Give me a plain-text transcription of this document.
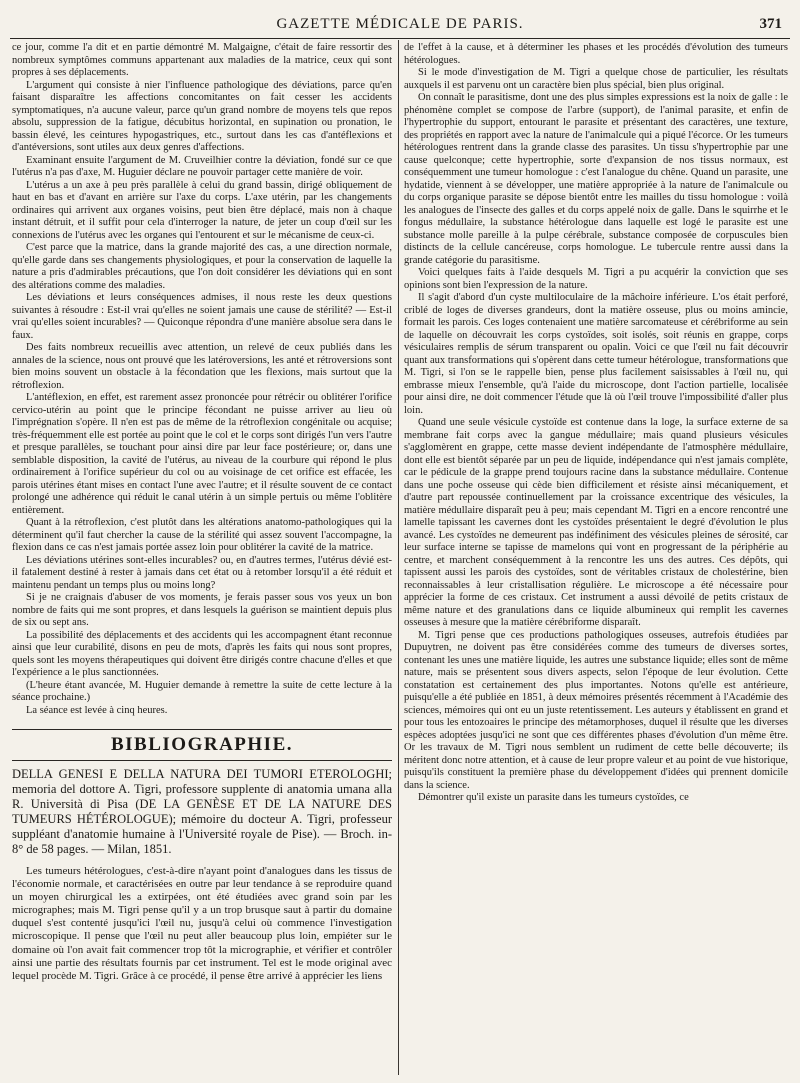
GAZETTE MÉDICALE DE PARIS.	371

ce jour, comme l'a dit et en partie démontré M. Malgaigne, c'était de faire ressortir des nombreux symptômes communs appartenant aux maladies de la matrice, ceux qui sont propres à ses déplacements.

L'argument qui consiste à nier l'influence pathologique des déviations, parce qu'en faisant disparaître les affections concomitantes on fait cesser les accidents symptomatiques, n'a aucune valeur, parce qu'un grand nombre de moyens tels que repos absolu, suppression de la fatigue, décubitus horizontal, en supination ou pronation, le bassin élevé, les ceintures hypogastriques, etc., surtout dans les cas d'antéflexions et d'antéversions, sont utiles aux deux genres d'affections.

Examinant ensuite l'argument de M. Cruveilhier contre la déviation, fondé sur ce que l'utérus n'a pas d'axe, M. Huguier déclare ne pouvoir partager cette manière de voir.

L'utérus a un axe à peu près parallèle à celui du grand bassin, dirigé obliquement de haut en bas et d'avant en arrière sur l'axe du corps. L'axe utérin, par les changements ordinaires qui arrivent aux organes voisins, peut bien être déplacé, mais non à chaque instant détruit, et il suffit pour cela d'interroger la nature, de jeter un coup d'œil sur les connexions de l'utérus avec les organes qui l'entourent et sur le mécanisme de ceux-ci.

C'est parce que la matrice, dans la grande majorité des cas, a une direction normale, qu'elle garde dans ses changements physiologiques, et pour la conservation de laquelle la nature a pris d'admirables précautions, que l'on doit considérer les déviations qui en sont des altérations comme des maladies.

Les déviations et leurs conséquences admises, il nous reste les deux questions suivantes à résoudre : Est-il vrai qu'elles ne soient jamais une cause de stérilité? — Est-il vrai qu'elles soient incurables? — Quiconque répondra d'une manière absolue sera dans le faux.

Des faits nombreux recueillis avec attention, un relevé de ceux publiés dans les annales de la science, nous ont prouvé que les latéroversions, les anté et rétroversions sont bien moins souvent un obstacle à la fécondation que les flexions, mais surtout que la rétroflexion.

L'antéflexion, en effet, est rarement assez prononcée pour rétrécir ou oblitérer l'orifice cervico-utérin au point que le principe fécondant ne puisse arriver au lieu où l'imprégnation s'opère. Il n'en est pas de même de la rétroflexion congénitale ou acquise; très-fréquemment elle est portée au point que le col et le corps sont dirigés l'un vers l'autre et presque parallèles, se touchant pour ainsi dire par leur face postérieure; or, dans une semblable disposition, la cavité de l'utérus, au niveau de la courbure qui répond le plus ordinairement à l'orifice supérieur du col ou au voisinage de cet orifice est effacée, les parois utérines étant mises en contact l'une avec l'autre; et il résulte souvent de ce contact prolongé une adhérence qui réduit le canal utérin à un simple pertuis ou même l'oblitère entièrement.

Quant à la rétroflexion, c'est plutôt dans les altérations anatomo-pathologiques qui la déterminent qu'il faut chercher la cause de la stérilité qui assez souvent l'accompagne, la flexion dans ce cas n'est jamais portée assez loin pour oblitérer la cavité de la matrice.

Les déviations utérines sont-elles incurables? ou, en d'autres termes, l'utérus dévié est-il fatalement destiné à rester à jamais dans cet état ou à retomber lorsqu'il a été réduit et maintenu pendant un temps plus ou moins long?

Si je ne craignais d'abuser de vos moments, je ferais passer sous vos yeux un bon nombre de faits qui me sont propres, et dans lesquels la guérison se maintient depuis plus de six ou sept ans.

La possibilité des déplacements et des accidents qui les accompagnent étant reconnue ainsi que leur curabilité, disons en peu de mots, d'après les faits qui nous sont propres, quels sont les moyens thérapeutiques qui doivent être dirigés contre chacune d'elles et que l'expérience a le plus sanctionnées.

(L'heure étant avancée, M. Huguier demande à remettre la suite de cette lecture à la séance prochaine.)

La séance est levée à cinq heures.

BIBLIOGRAPHIE.

DELLA GENESI E DELLA NATURA DEI TUMORI ETEROLOGHI; memoria del dottore A. Tigri, professore supplente di anatomia umana alla R. Università di Pisa (DE LA GENÈSE ET DE LA NATURE DES TUMEURS HÉTÉROLOGUE); mémoire du docteur A. Tigri, professeur suppléant d'anatomie humaine à l'Université royale de Pise). — Broch. in-8° de 58 pages. — Milan, 1851.

Les tumeurs hétérologues, c'est-à-dire n'ayant point d'analogues dans les tissus de l'économie normale, et caractérisées en outre par leur tendance à se reproduire quand un moyen chirurgical les a extirpées, ont été étudiées avec grand soin par les micrographes; mais M. Tigri pense qu'il y a un trop brusque saut à partir du domaine duquel s'est contenté jusqu'ici l'œil nu, jusqu'à celui où commence l'investigation microscopique. Il pense que l'œil nu peut aller beaucoup plus loin, empiéter sur le domaine où l'on avait fait commencer trop tôt la micrographie, et vérifier et contrôler ainsi une partie des résultats fournis par cet instrument. Tel est le mode original avec lequel procède M. Tigri. Grâce à ce procédé, il pense être arrivé à apprécier les liens

de l'effet à la cause, et à déterminer les phases et les procédés d'évolution des tumeurs hétérologues.

Si le mode d'investigation de M. Tigri a quelque chose de particulier, les résultats auxquels il est parvenu ont un caractère bien plus spécial, bien plus original.

On connaît le parasitisme, dont une des plus simples expressions est la noix de galle : le phénomène complet se compose de l'arbre (support), de l'animal parasite, et enfin de l'hypertrophie du support, entourant le parasite et présentant des caractères, une texture, des propriétés en rapport avec la nature de l'animalcule qui a piqué l'écorce. Or les tumeurs hétérologues rentrent dans la grande classe des parasites. Un tissu s'hypertrophie par une cause quelconque; cette hypertrophie, sorte d'expansion de nos tissus normaux, est conséquemment une tumeur homologue : c'est l'analogue du chêne. Quand un parasite, une hydatide, viennent à se développer, une matière appropriée à la nature de l'animalcule ou du corps organique parasite se dépose bientôt entre les mailles du tissu homologue : voilà les analogues de l'insecte des galles et du corps appelé noix de galle. Dans le squirrhe et le fongus médullaire, la substance hétérologue dans laquelle est logé le parasite est une substance molle pareille à la pulpe cérébrale, substance composée de corpuscules bien distincts de la cellule cancéreuse, corps homologue. Le tubercule rentre aussi dans la grande catégorie du parasitisme.

Voici quelques faits à l'aide desquels M. Tigri a pu acquérir la conviction que ses opinions sont bien l'expression de la nature.

Il s'agit d'abord d'un cyste multiloculaire de la mâchoire inférieure. L'os était perforé, criblé de loges de diverses grandeurs, dont la matière osseuse, plus ou moins amincie, formait les parois. Ces loges contenaient une matière sarcomateuse et cérébriforme au sein de laquelle on découvrait les corps cystoïdes, soit isolés, soit réunis en grappe, corps vésiculaires remplis de sérum transparent ou opalin. Voici ce que l'œil nu fait découvrir quant aux transformations qui s'opèrent dans cette tumeur hétérologue, transformations que M. Tigri, si l'on se le rappelle bien, pense plus facilement saisissables à l'œil nu, qui embrasse mieux l'ensemble, qu'à l'aide du microscope, dont l'action partielle, localisée pour ainsi dire, ne doit commencer l'étude que là où l'œil trouve l'impossibilité d'aller plus loin.

Quand une seule vésicule cystoïde est contenue dans la loge, la surface externe de sa membrane fait corps avec la gangue médullaire; mais quand plusieurs vésicules s'agglomèrent en grappe, cette masse devient indépendante de l'atmosphère médullaire, dont elle est bientôt séparée par un peu de liquide, indépendance qui n'est jamais complète, car le pédicule de la grappe prend toujours racine dans la substance médullaire. Contenue dans une poche osseuse qui cède bien difficilement et résiste ainsi mécaniquement, et d'autre part repoussée continuellement par la croissance excentrique des vésicules, la matière médullaire disparaît peu à peu; mais cependant M. Tigri en a encore rencontré une lamelle tapissant les cavernes dont les cystoïdes présentaient le degré d'évolution le plus avancé. Les cystoïdes ne demeurent pas indéfiniment des vésicules pleines de sérosité, car leur surface interne se tapisse de mamelons qui vont en progressant de la périphérie au centre, et marchent conséquemment à la rencontre les uns des autres. Ces dépôts, qui tapissent aussi les parois des cystoïdes, sont de véritables cristaux de cholestérine, bien reconnaissables à leur cristallisation régulière. Le microscope a été nécessaire pour apprécier la forme de ces cristaux. Cet instrument a aussi dévoilé de petits cristaux de même nature et des granulations dans ce liquide albumineux qui remplit les cavernes osseuses à mesure que la matière cérébriforme disparaît.

M. Tigri pense que ces productions pathologiques osseuses, autrefois étudiées par Dupuytren, ne doivent pas être considérées comme des tumeurs de diverses sortes, contenant les unes une matière liquide, les autres une substance liquide; elles sont de même nature, mais se présentent sous divers aspects, selon l'époque de leur évolution. Cette constatation est certainement des plus importantes. Notons qu'elle est antérieure, puisqu'elle a été publiée en 1851, à deux mémoires présentés récemment à l'Académie des sciences, mémoires qui ont eu un juste retentissement. Les auteurs y établissent en grand et pour tous les entozoaires le principe des métamorphoses, duquel il résulte que les diverses espèces adoptées jusqu'ici ne sont que ces différentes phases d'évolution d'un même être. Or les travaux de M. Tigri nous semblent un rudiment de cette belle découverte; ils méritent donc notre attention, et à cause de leur propre valeur et au point de vue historique, puisqu'ils constituent la première phase du développement d'idées qui prennent domicile dans la science.

Démontrer qu'il existe un parasite dans les tumeurs cystoïdes, ce
